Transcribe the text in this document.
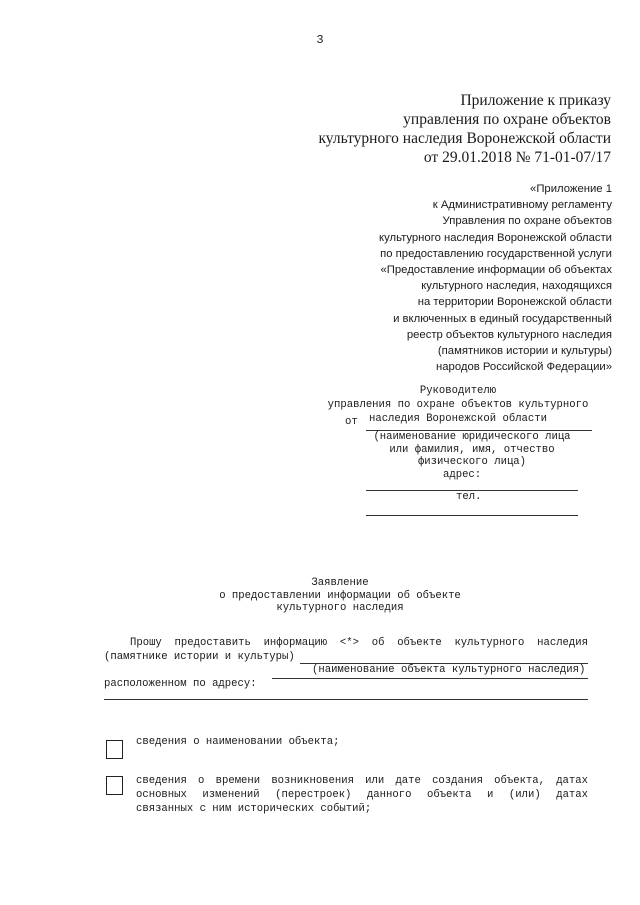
3
Приложение к приказу
управления по охране объектов
культурного наследия Воронежской области
от 29.01.2018 № 71-01-07/17
«Приложение 1
к Административному регламенту
Управления по охране объектов
культурного наследия Воронежской области
по предоставлению государственной услуги
«Предоставление информации об объектах
культурного наследия, находящихся
на территории Воронежской области
и включенных в единый государственный
реестр объектов культурного наследия
(памятников истории и культуры)
народов Российской Федерации»
Руководителю
управления по охране объектов культурного
наследия Воронежской области
от
(наименование юридического лица
или фамилия, имя, отчество
физического лица)
адрес:
тел.
Заявление
о предоставлении информации об объекте
культурного наследия
Прошу предоставить информацию <*> об объекте культурного наследия
(памятнике истории и культуры)
(наименование объекта культурного наследия)
расположенном по адресу:
сведения о наименовании объекта;
сведения о времени возникновения или дате создания объекта, датах
основных изменений (перестроек) данного объекта и (или) датах
связанных с ним исторических событий;
